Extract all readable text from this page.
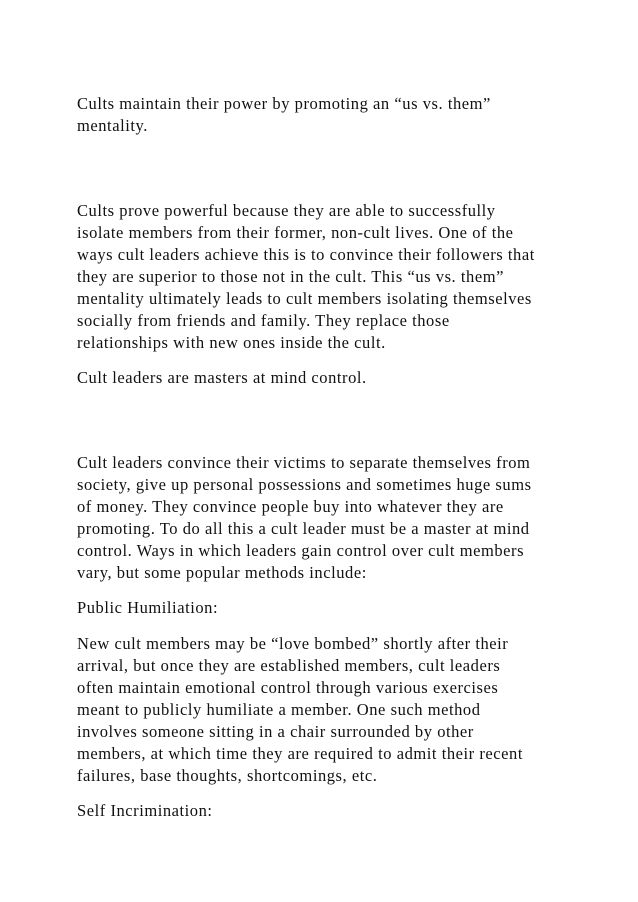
Cults maintain their power by promoting an “us vs. them”

mentality.

Cults prove powerful because they are able to successfully

isolate members from their former, non-cult lives. One of the

ways cult leaders achieve this is to convince their followers that

they are superior to those not in the cult. This “us vs. them”

mentality ultimately leads to cult members isolating themselves

socially from friends and family. They replace those

relationships with new ones inside the cult.

Cult leaders are masters at mind control.

Cult leaders convince their victims to separate themselves from

society, give up personal possessions and sometimes huge sums

of money. They convince people buy into whatever they are

promoting. To do all this a cult leader must be a master at mind

control. Ways in which leaders gain control over cult members

vary, but some popular methods include:

Public Humiliation:

New cult members may be “love bombed” shortly after their

arrival, but once they are established members, cult leaders

often maintain emotional control through various exercises

meant to publicly humiliate a member. One such method

involves someone sitting in a chair surrounded by other

members, at which time they are required to admit their recent

failures, base thoughts, shortcomings, etc.

Self Incrimination:
